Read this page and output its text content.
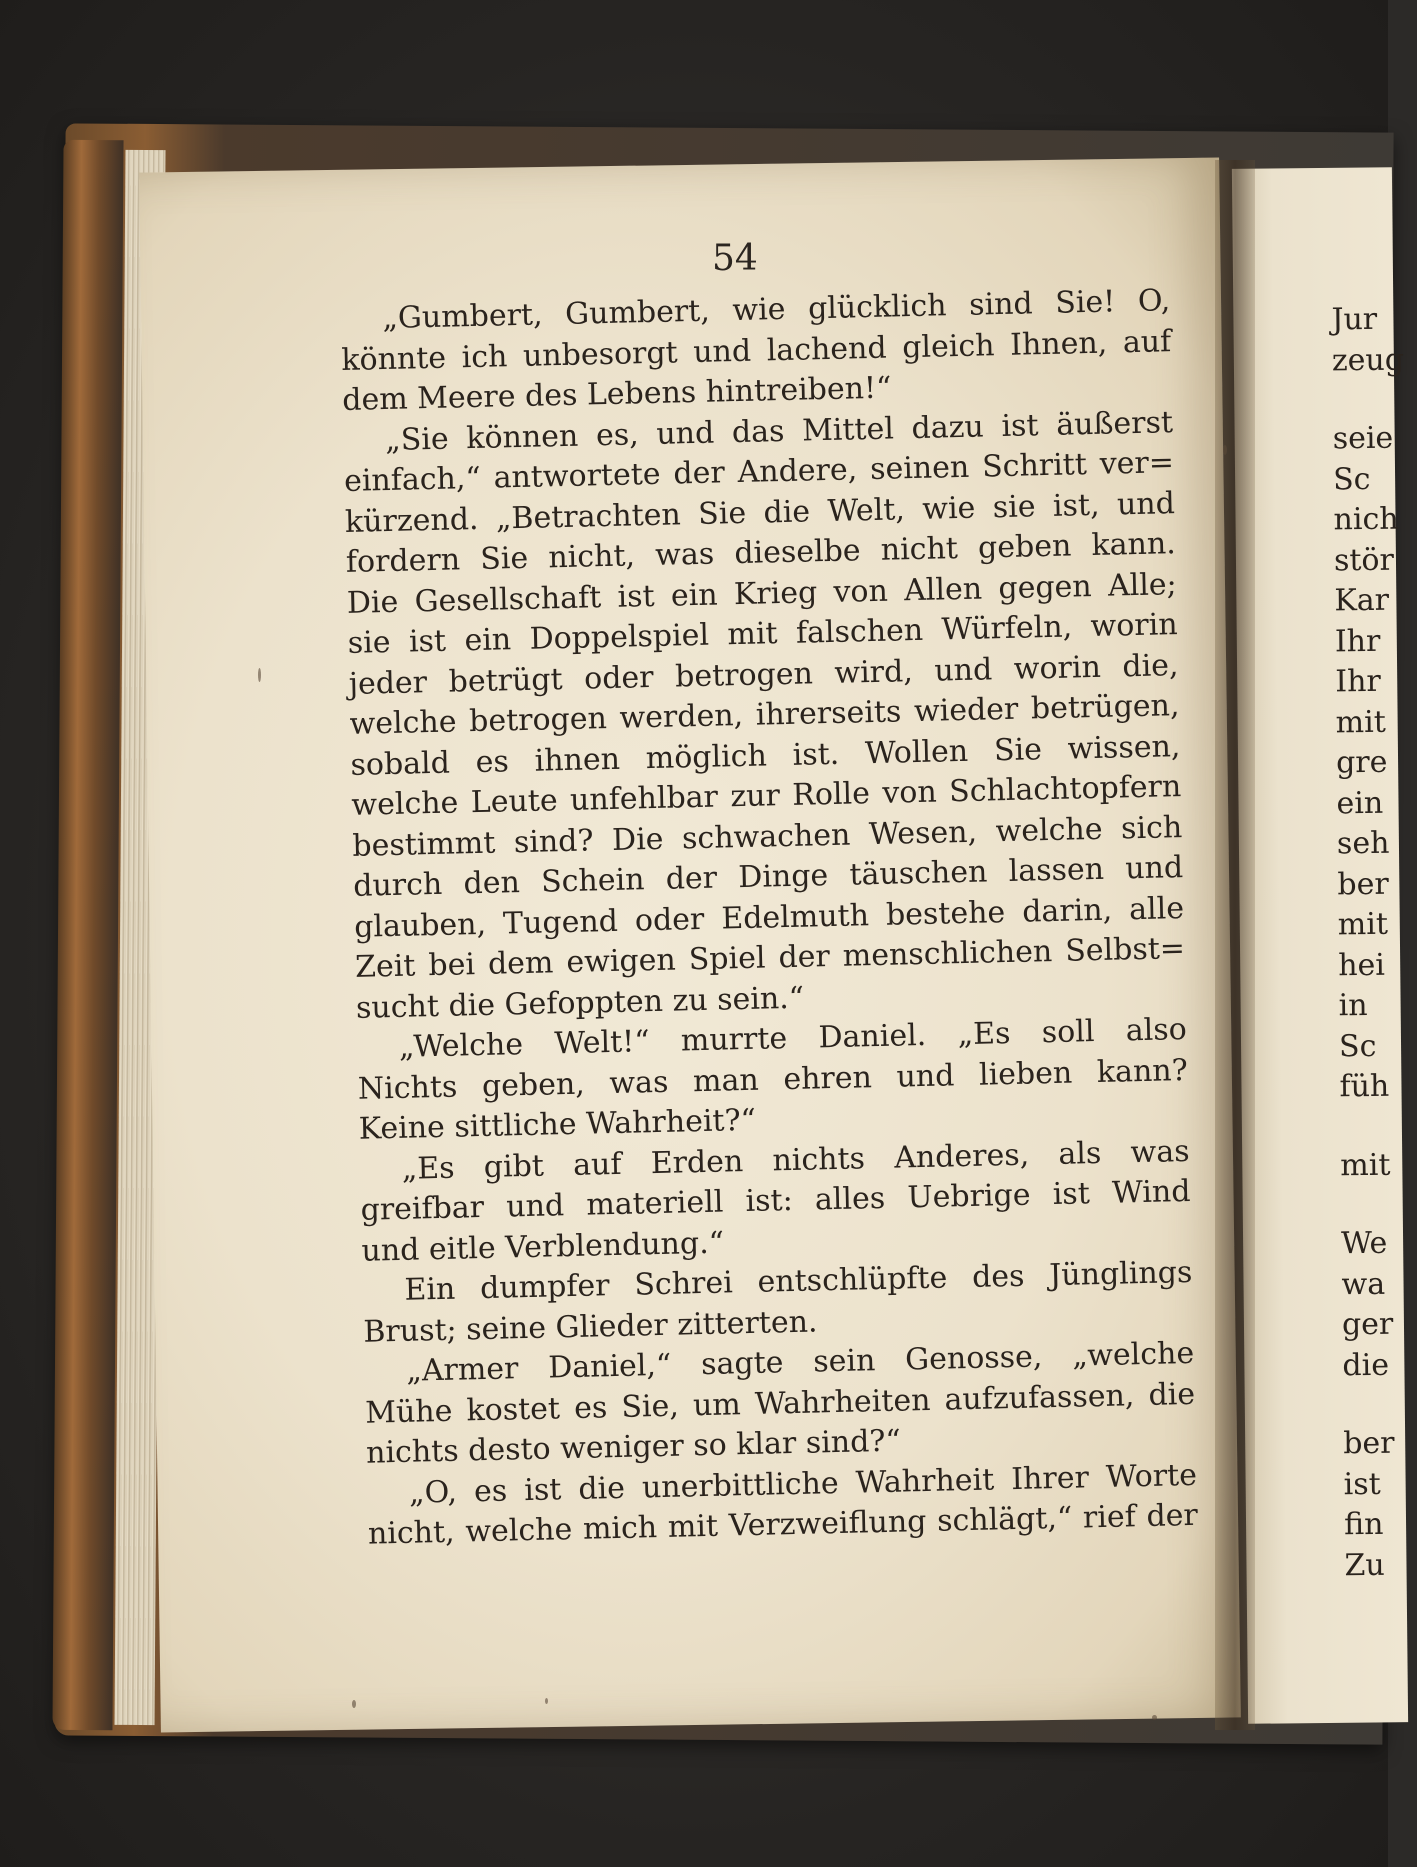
54

„Gumbert, Gumbert, wie glücklich sind Sie! O,
könnte ich unbesorgt und lachend gleich Ihnen, auf
dem Meere des Lebens hintreiben!“

„Sie können es, und das Mittel dazu ist äußerst
einfach,“ antwortete der Andere, seinen Schritt ver=
kürzend. „Betrachten Sie die Welt, wie sie ist, und
fordern Sie nicht, was dieselbe nicht geben kann.
Die Gesellschaft ist ein Krieg von Allen gegen Alle;
sie ist ein Doppelspiel mit falschen Würfeln, worin
jeder betrügt oder betrogen wird, und worin die,
welche betrogen werden, ihrerseits wieder betrügen,
sobald es ihnen möglich ist. Wollen Sie wissen,
welche Leute unfehlbar zur Rolle von Schlachtopfern
bestimmt sind? Die schwachen Wesen, welche sich
durch den Schein der Dinge täuschen lassen und
glauben, Tugend oder Edelmuth bestehe darin, alle
Zeit bei dem ewigen Spiel der menschlichen Selbst=
sucht die Gefoppten zu sein.“

„Welche Welt!“ murrte Daniel. „Es soll also
Nichts geben, was man ehren und lieben kann?
Keine sittliche Wahrheit?“

„Es gibt auf Erden nichts Anderes, als was
greifbar und materiell ist: alles Uebrige ist Wind
und eitle Verblendung.“

Ein dumpfer Schrei entschlüpfte des Jünglings
Brust; seine Glieder zitterten.

„Armer Daniel,“ sagte sein Genosse, „welche
Mühe kostet es Sie, um Wahrheiten aufzufassen, die
nichts desto weniger so klar sind?“

„O, es ist die unerbittliche Wahrheit Ihrer Worte
nicht, welche mich mit Verzweiflung schlägt,“ rief der

Jur
zeug
seie
Sc
nich
stör
Kar
Ihr
Ihr
mit
gre
ein
seh
ber
mit
hei
in
Sc
füh
mit
We
wa
ger
die
ber
ist
fin
Zu
